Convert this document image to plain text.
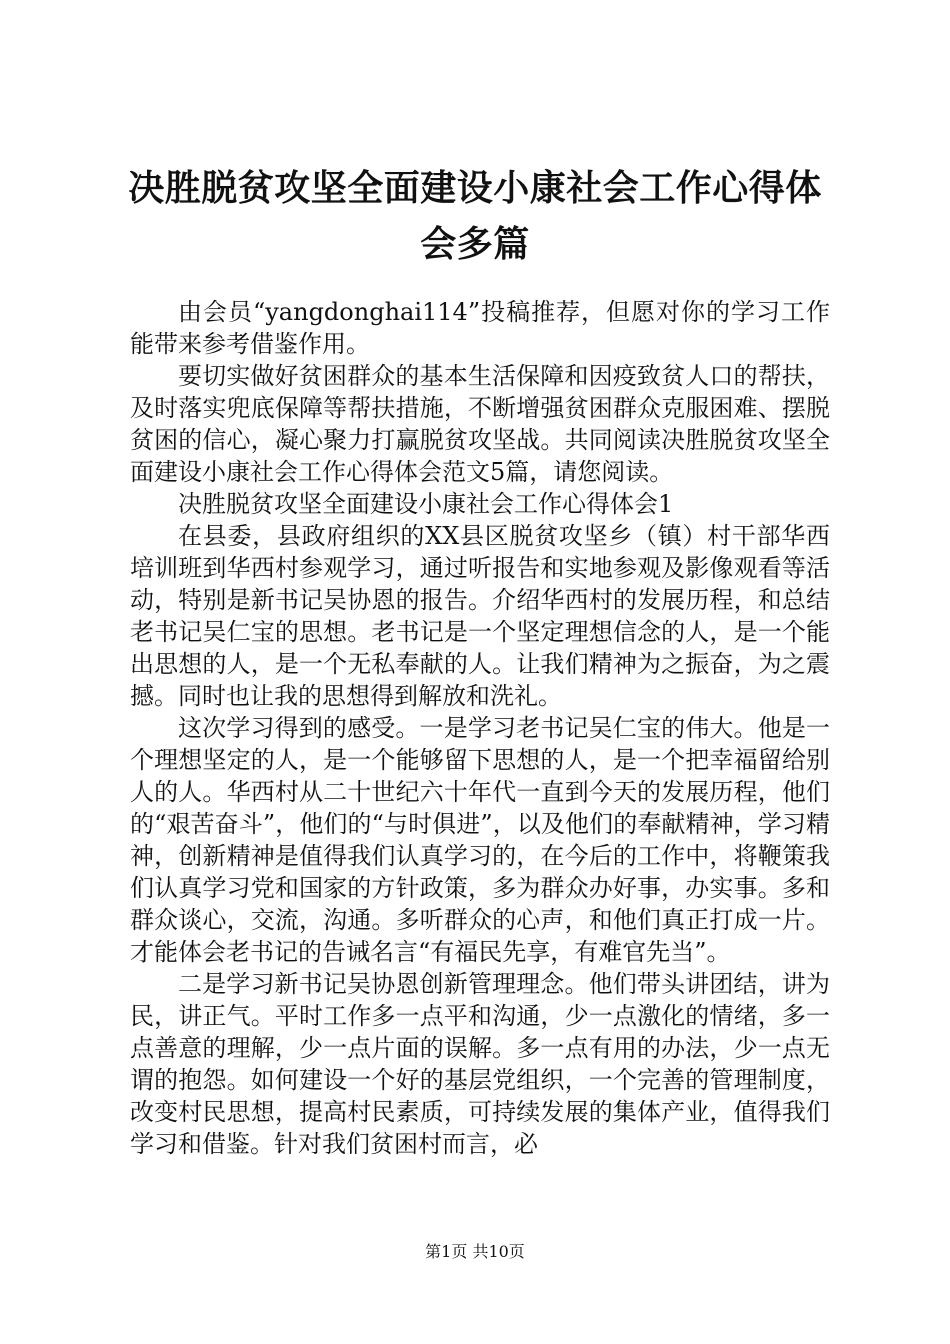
决胜脱贫攻坚全面建设小康社会工作心得体会多篇

由会员“yangdonghai114”投稿推荐，但愿对你的学习工作能带来参考借鉴作用。

要切实做好贫困群众的基本生活保障和因疫致贫人口的帮扶，及时落实兜底保障等帮扶措施，不断增强贫困群众克服困难、摆脱贫困的信心，凝心聚力打赢脱贫攻坚战。共同阅读决胜脱贫攻坚全面建设小康社会工作心得体会范文5篇，请您阅读。

决胜脱贫攻坚全面建设小康社会工作心得体会1

在县委，县政府组织的XX县区脱贫攻坚乡（镇）村干部华西培训班到华西村参观学习，通过听报告和实地参观及影像观看等活动，特别是新书记吴协恩的报告。介绍华西村的发展历程，和总结老书记吴仁宝的思想。老书记是一个坚定理想信念的人，是一个能出思想的人，是一个无私奉献的人。让我们精神为之振奋，为之震撼。同时也让我的思想得到解放和洗礼。

这次学习得到的感受。一是学习老书记吴仁宝的伟大。他是一个理想坚定的人，是一个能够留下思想的人，是一个把幸福留给别人的人。华西村从二十世纪六十年代一直到今天的发展历程，他们的“艰苦奋斗”，他们的“与时俱进”，以及他们的奉献精神，学习精神，创新精神是值得我们认真学习的，在今后的工作中，将鞭策我们认真学习党和国家的方针政策，多为群众办好事，办实事。多和群众谈心，交流，沟通。多听群众的心声，和他们真正打成一片。才能体会老书记的告诫名言“有福民先享，有难官先当”。

二是学习新书记吴协恩创新管理理念。他们带头讲团结，讲为民，讲正气。平时工作多一点平和沟通，少一点激化的情绪，多一点善意的理解，少一点片面的误解。多一点有用的办法，少一点无谓的抱怨。如何建设一个好的基层党组织，一个完善的管理制度，改变村民思想，提高村民素质，可持续发展的集体产业，值得我们学习和借鉴。针对我们贫困村而言，必

第1页 共10页
